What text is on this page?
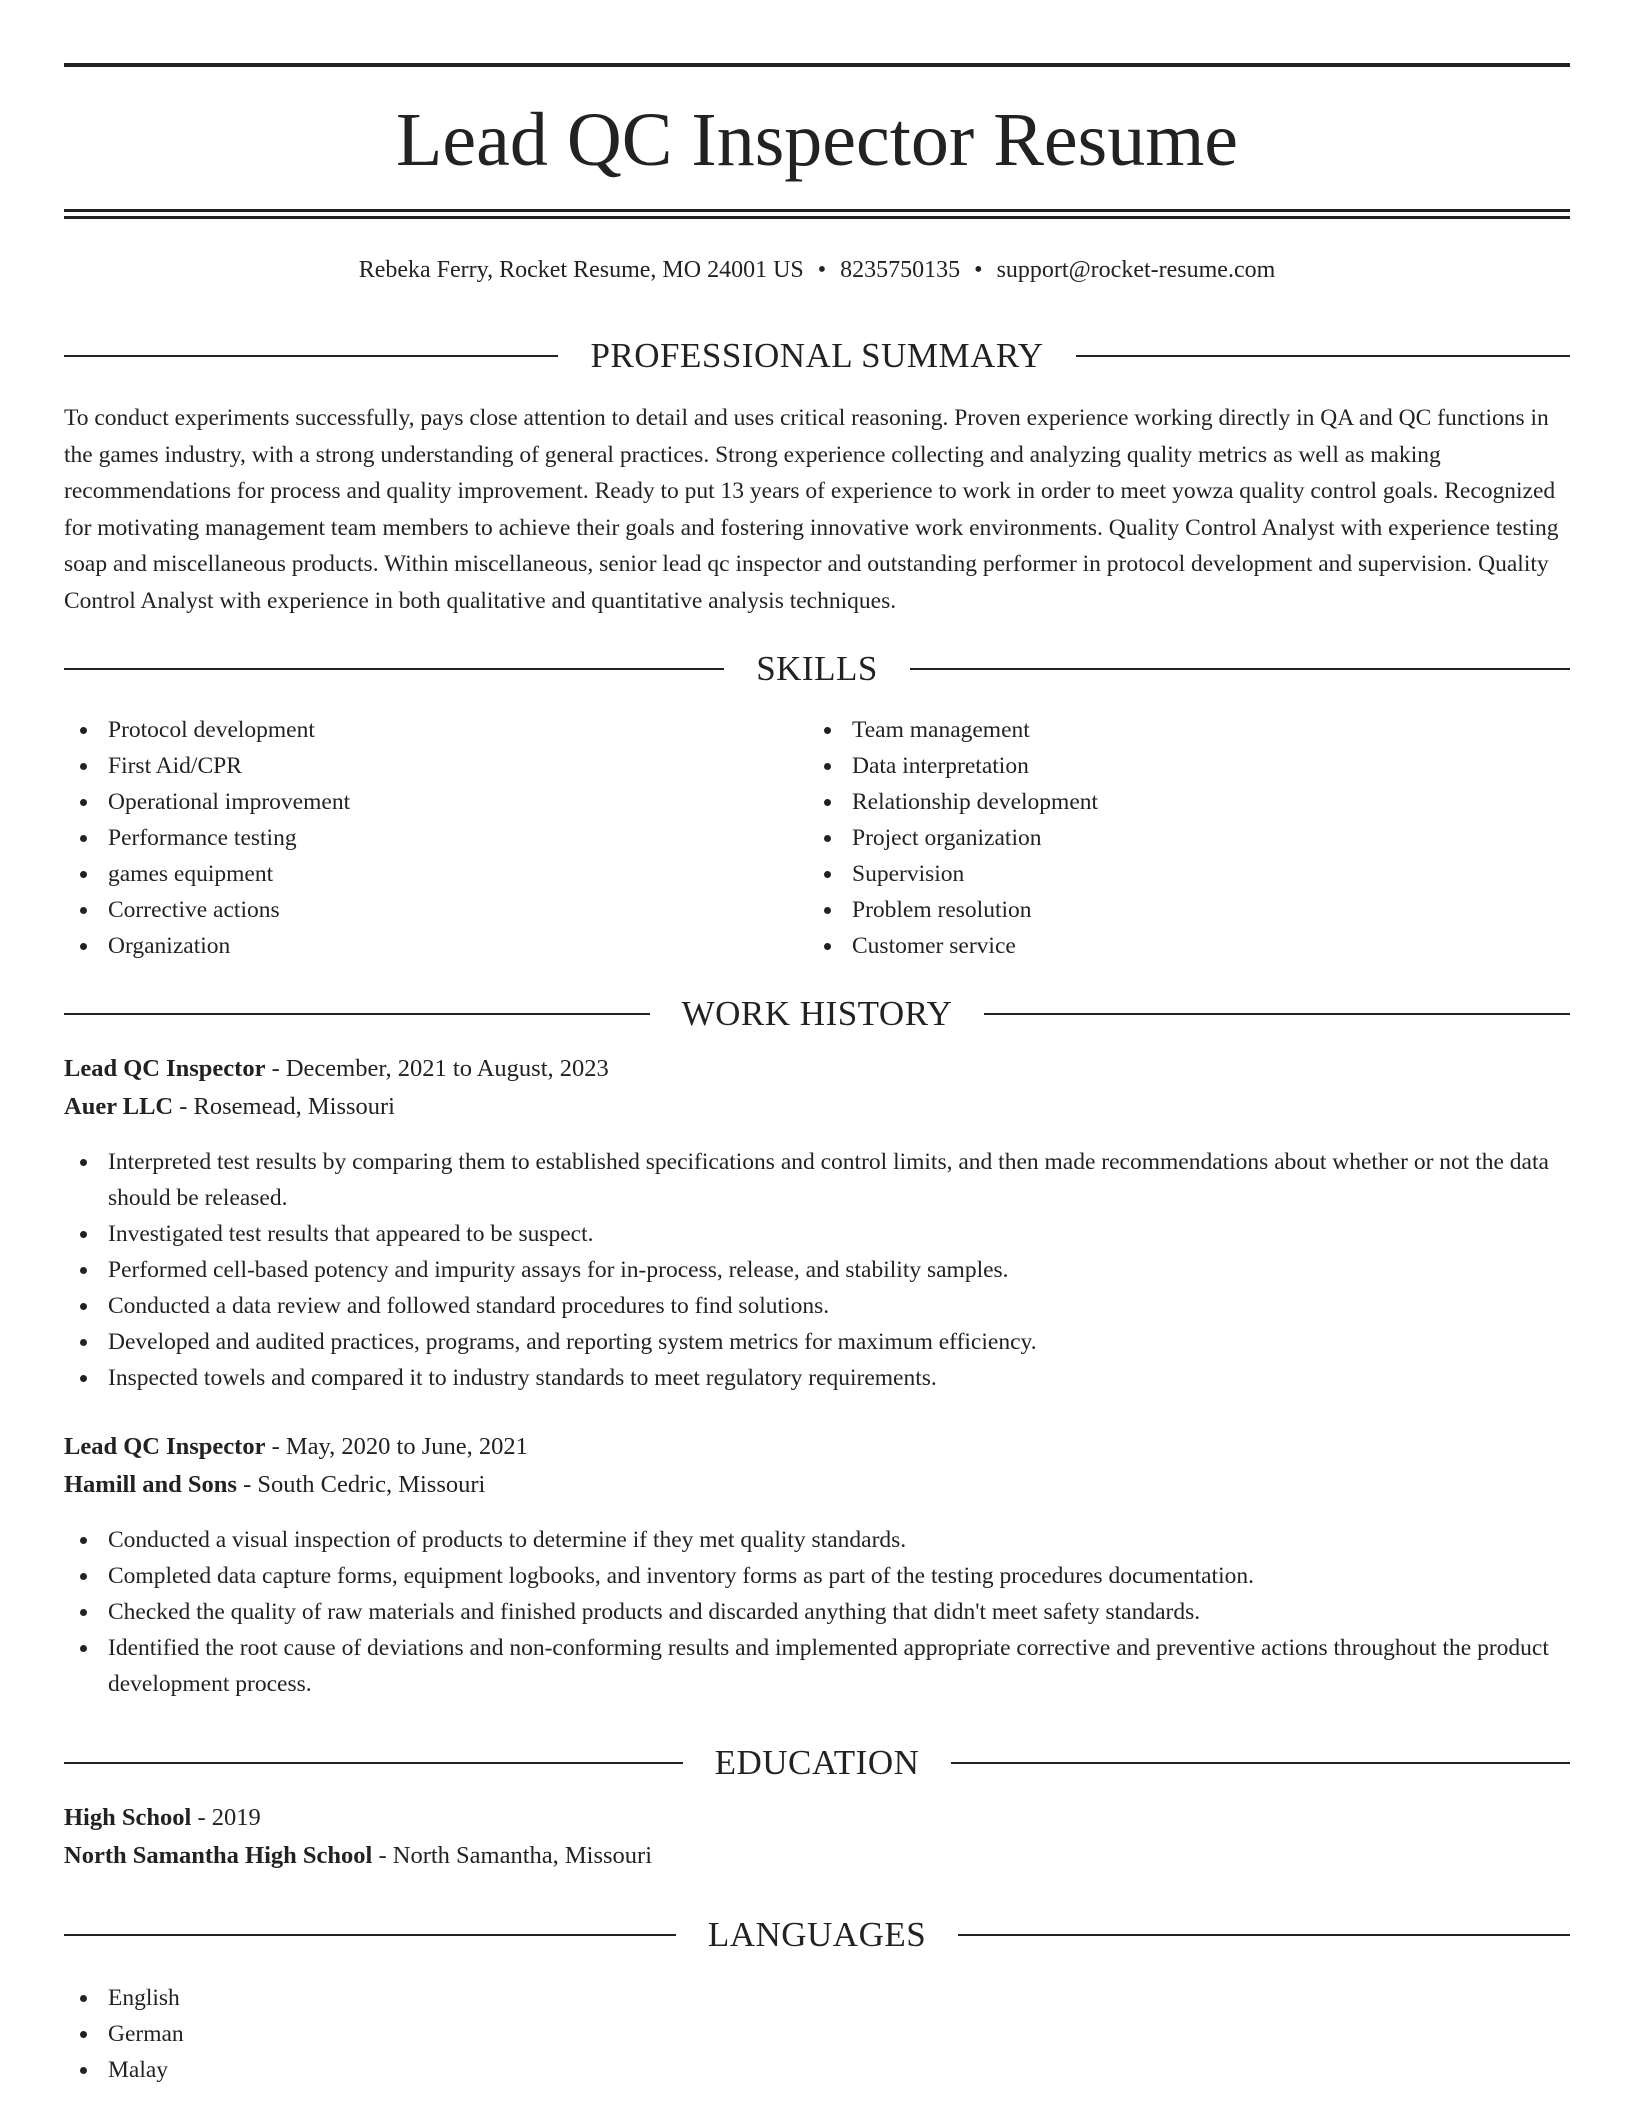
Lead QC Inspector Resume
Rebeka Ferry, Rocket Resume, MO 24001 US • 8235750135 • support@rocket-resume.com
PROFESSIONAL SUMMARY

To conduct experiments successfully, pays close attention to detail and uses critical reasoning. Proven experience working directly in QA and QC functions in the games industry, with a strong understanding of general practices. Strong experience collecting and analyzing quality metrics as well as making recommendations for process and quality improvement. Ready to put 13 years of experience to work in order to meet yowza quality control goals. Recognized for motivating management team members to achieve their goals and fostering innovative work environments. Quality Control Analyst with experience testing soap and miscellaneous products. Within miscellaneous, senior lead qc inspector and outstanding performer in protocol development and supervision. Quality Control Analyst with experience in both qualitative and quantitative analysis techniques.

SKILLS
Protocol development
First Aid/CPR
Operational improvement
Performance testing
games equipment
Corrective actions
Organization
Team management
Data interpretation
Relationship development
Project organization
Supervision
Problem resolution
Customer service
WORK HISTORY
Lead QC Inspector - December, 2021 to August, 2023
Auer LLC - Rosemead, Missouri
Interpreted test results by comparing them to established specifications and control limits, and then made recommendations about whether or not the data should be released.
Investigated test results that appeared to be suspect.
Performed cell-based potency and impurity assays for in-process, release, and stability samples.
Conducted a data review and followed standard procedures to find solutions.
Developed and audited practices, programs, and reporting system metrics for maximum efficiency.
Inspected towels and compared it to industry standards to meet regulatory requirements.
Lead QC Inspector - May, 2020 to June, 2021
Hamill and Sons - South Cedric, Missouri
Conducted a visual inspection of products to determine if they met quality standards.
Completed data capture forms, equipment logbooks, and inventory forms as part of the testing procedures documentation.
Checked the quality of raw materials and finished products and discarded anything that didn't meet safety standards.
Identified the root cause of deviations and non-conforming results and implemented appropriate corrective and preventive actions throughout the product development process.
EDUCATION
High School - 2019
North Samantha High School - North Samantha, Missouri
LANGUAGES
English
German
Malay
